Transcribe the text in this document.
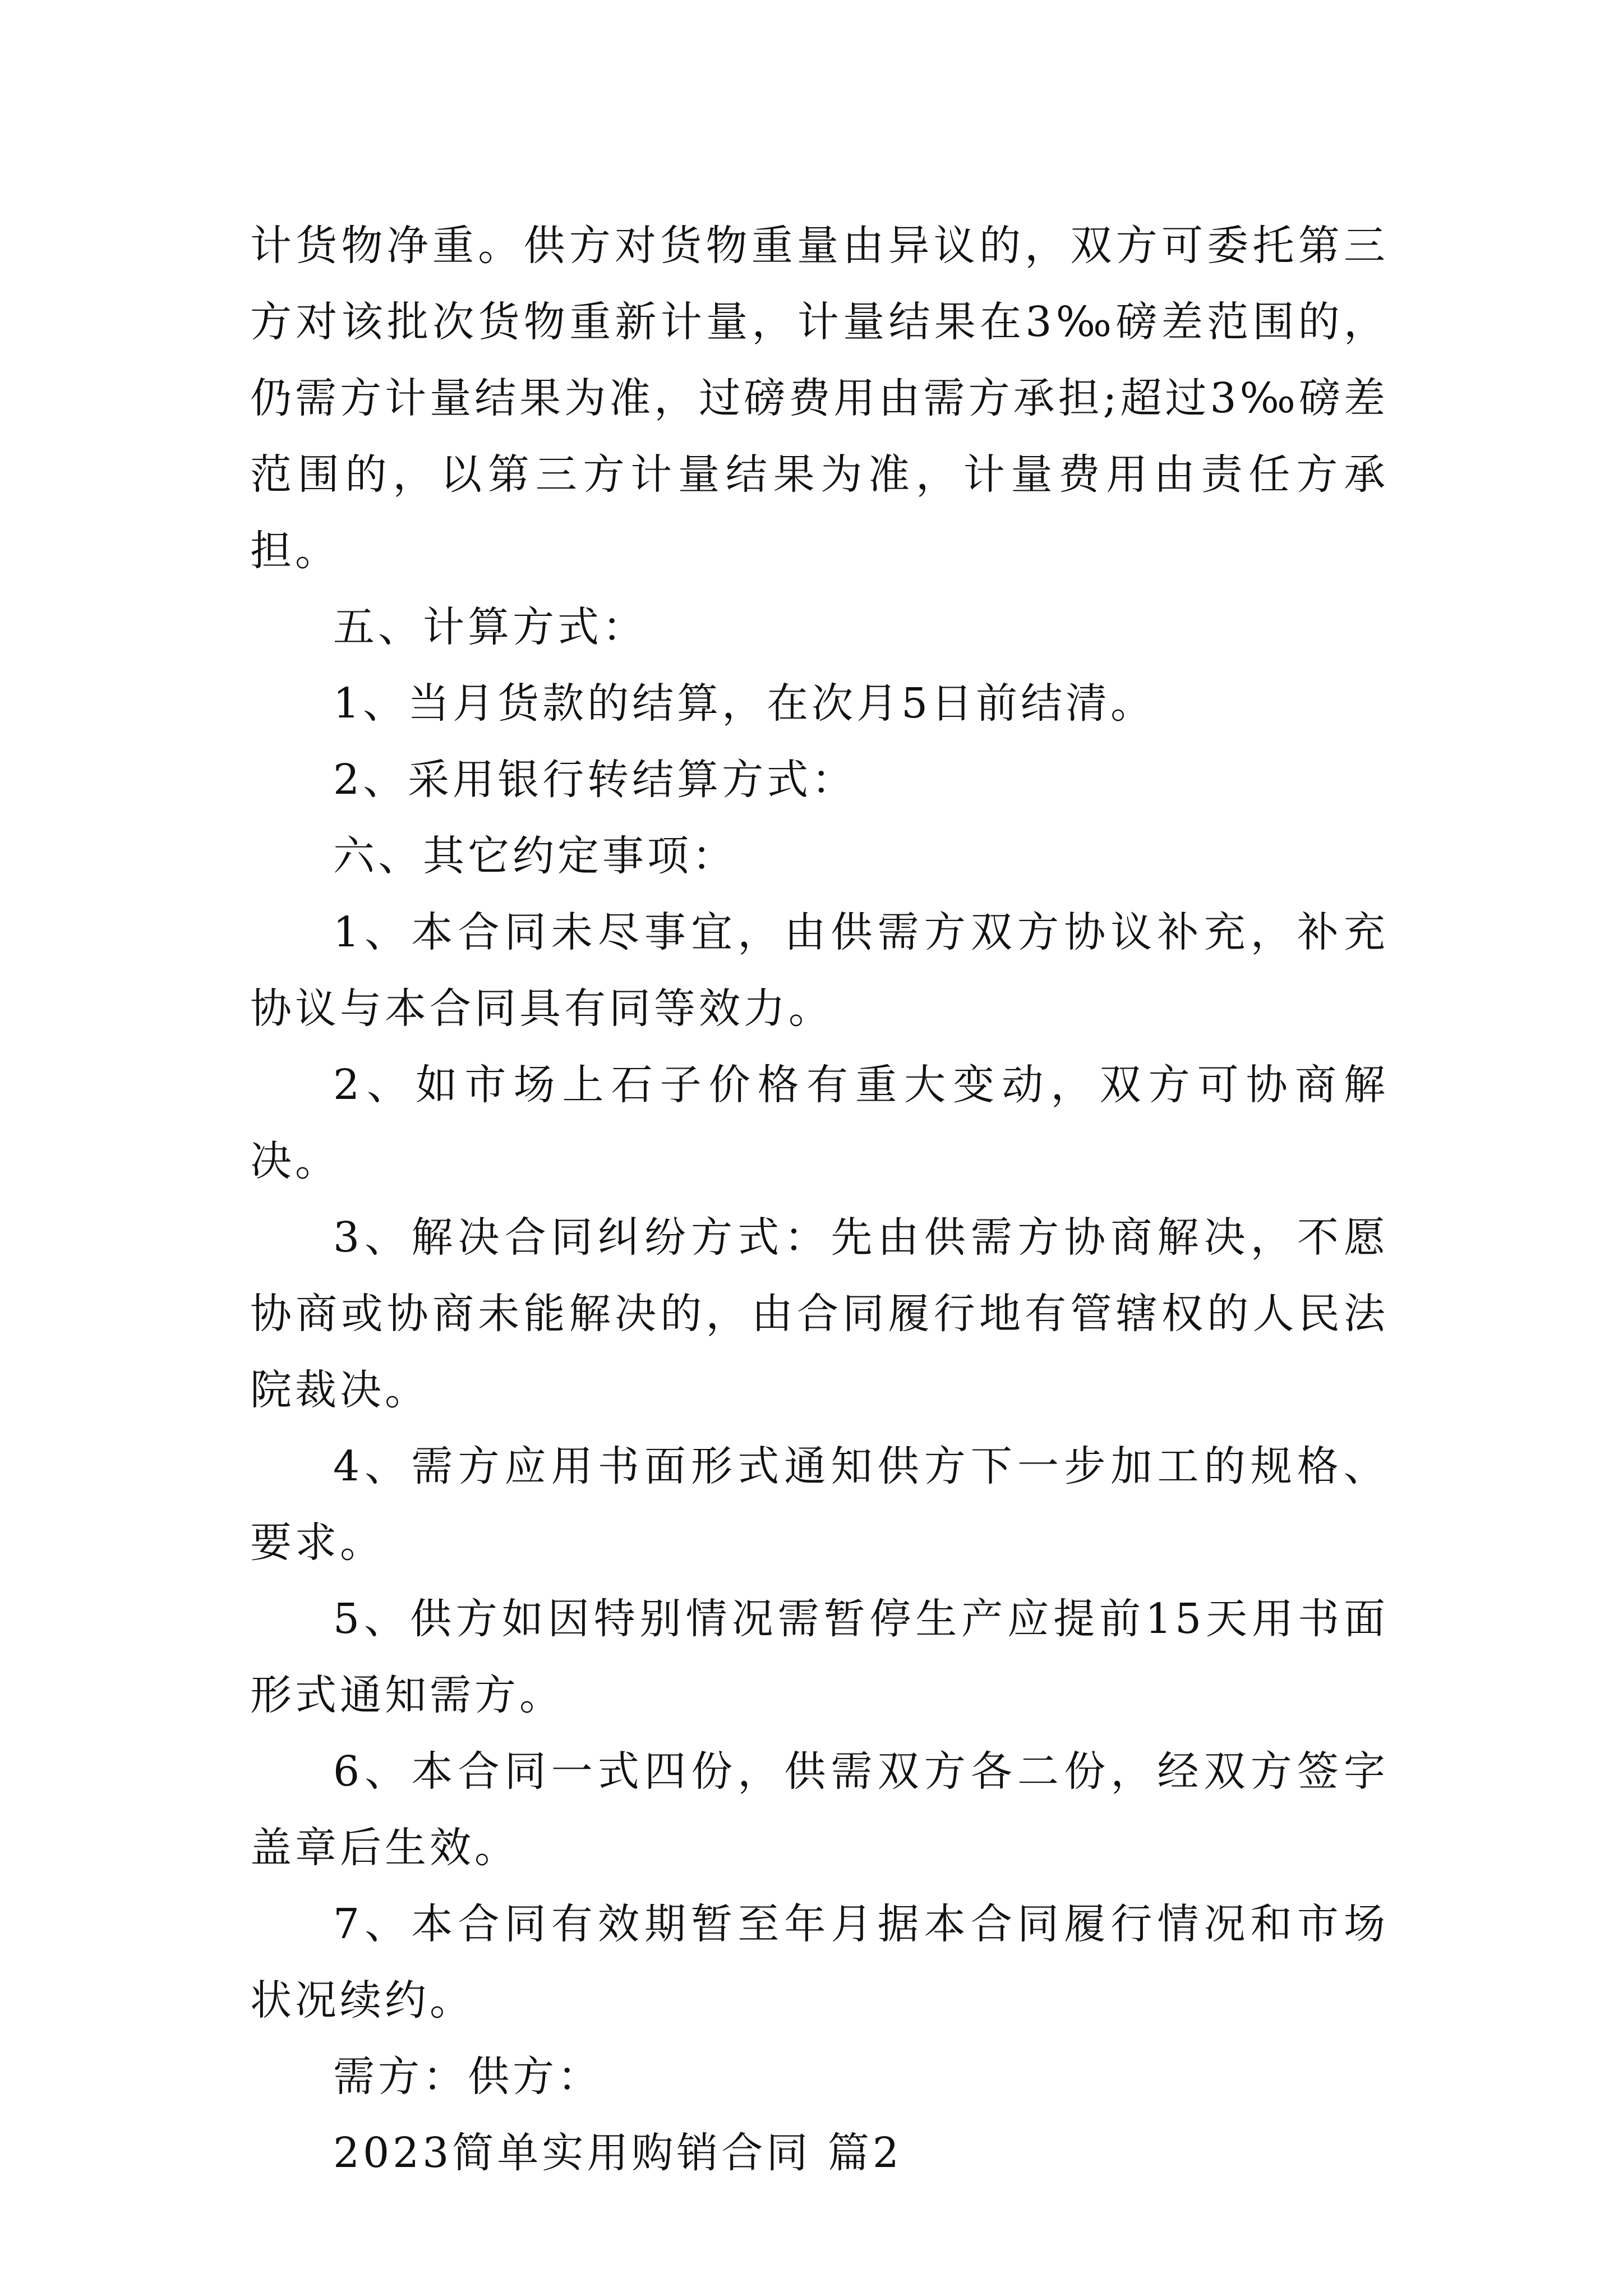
计货物净重。供方对货物重量由异议的，双方可委托第三方对该批次货物重新计量，计量结果在3‰磅差范围的，仍需方计量结果为准，过磅费用由需方承担;超过3‰磅差范围的，以第三方计量结果为准，计量费用由责任方承担。

五、计算方式：

1、当月货款的结算，在次月5日前结清。

2、采用银行转结算方式：

六、其它约定事项：

1、本合同未尽事宜，由供需方双方协议补充，补充协议与本合同具有同等效力。

2、如市场上石子价格有重大变动，双方可协商解决。

3、解决合同纠纷方式：先由供需方协商解决，不愿协商或协商未能解决的，由合同履行地有管辖权的人民法院裁决。

4、需方应用书面形式通知供方下一步加工的规格、要求。

5、供方如因特别情况需暂停生产应提前15天用书面形式通知需方。

6、本合同一式四份，供需双方各二份，经双方签字盖章后生效。

7、本合同有效期暂至年月据本合同履行情况和市场状况续约。

需方：供方：

2023简单实用购销合同 篇2
